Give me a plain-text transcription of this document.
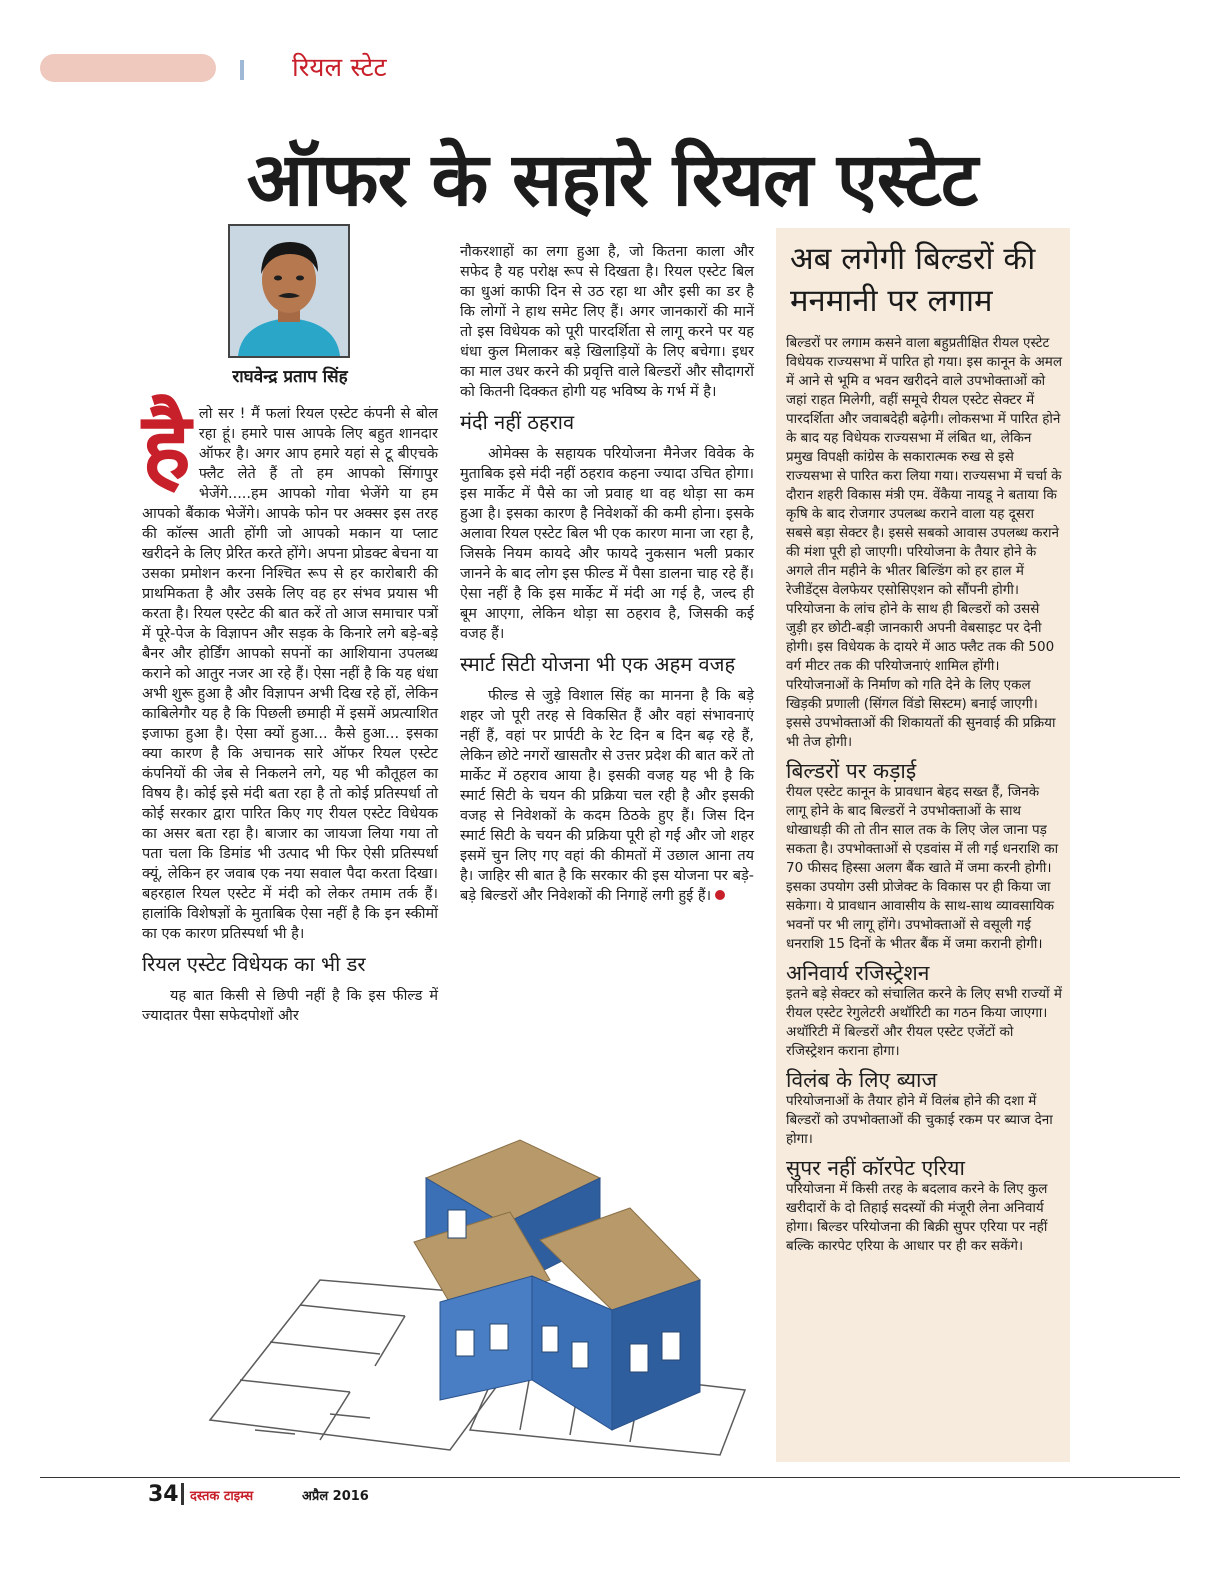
रियल स्टेट
ऑफर के सहारे रियल एस्टेट
राघवेन्द्र प्रताप सिंह
है लो सर ! मैं फलां रियल एस्टेट कंपनी से बोल रहा हूं। हमारे पास आपके लिए बहुत शानदार ऑफर है। अगर आप हमारे यहां से टू बीएचके फ्लैट लेते हैं तो हम आपको सिंगापुर भेजेंगे.....हम आपको गोवा भेजेंगे या हम आपको बैंकाक भेजेंगे। आपके फोन पर अक्सर इस तरह की कॉल्स आती होंगी जो आपको मकान या प्लाट खरीदने के लिए प्रेरित करते होंगे। अपना प्रोडक्ट बेचना या उसका प्रमोशन करना निश्चित रूप से हर कारोबारी की प्राथमिकता है और उसके लिए वह हर संभव प्रयास भी करता है। रियल एस्टेट की बात करें तो आज समाचार पत्रों में पूरे-पेज के विज्ञापन और सड़क के किनारे लगे बड़े-बड़े बैनर और होर्डिंग आपको सपनों का आशियाना उपलब्ध कराने को आतुर नजर आ रहे हैं। ऐसा नहीं है कि यह धंधा अभी शुरू हुआ है और विज्ञापन अभी दिख रहे हों, लेकिन काबिलेगौर यह है कि पिछली छमाही में इसमें अप्रत्याशित इजाफा हुआ है। ऐसा क्यों हुआ... कैसे हुआ... इसका क्या कारण है कि अचानक सारे ऑफर रियल एस्टेट कंपनियों की जेब से निकलने लगे, यह भी कौतूहल का विषय है। कोई इसे मंदी बता रहा है तो कोई प्रतिस्पर्धा तो कोई सरकार द्वारा पारित किए गए रीयल एस्टेट विधेयक का असर बता रहा है। बाजार का जायजा लिया गया तो पता चला कि डिमांड भी उत्पाद भी फिर ऐसी प्रतिस्पर्धा क्यूं, लेकिन हर जवाब एक नया सवाल पैदा करता दिखा। बहरहाल रियल एस्टेट में मंदी को लेकर तमाम तर्क हैं। हालांकि विशेषज्ञों के मुताबिक ऐसा नहीं है कि इन स्कीमों का एक कारण प्रतिस्पर्धा भी है।

रियल एस्टेट विधेयक का भी डर

यह बात किसी से छिपी नहीं है कि इस फील्ड में ज्यादातर पैसा सफेदपोशों और

नौकरशाहों का लगा हुआ है, जो कितना काला और सफेद है यह परोक्ष रूप से दिखता है। रियल एस्टेट बिल का धुआं काफी दिन से उठ रहा था और इसी का डर है कि लोगों ने हाथ समेट लिए हैं। अगर जानकारों की मानें तो इस विधेयक को पूरी पारदर्शिता से लागू करने पर यह धंधा कुल मिलाकर बड़े खिलाड़ियों के लिए बचेगा। इधर का माल उधर करने की प्रवृत्ति वाले बिल्डरों और सौदागरों को कितनी दिक्कत होगी यह भविष्य के गर्भ में है।

मंदी नहीं ठहराव

ओमेक्स के सहायक परियोजना मैनेजर विवेक के मुताबिक इसे मंदी नहीं ठहराव कहना ज्यादा उचित होगा। इस मार्केट में पैसे का जो प्रवाह था वह थोड़ा सा कम हुआ है। इसका कारण है निवेशकों की कमी होना। इसके अलावा रियल एस्टेट बिल भी एक कारण माना जा रहा है, जिसके नियम कायदे और फायदे नुकसान भली प्रकार जानने के बाद लोग इस फील्ड में पैसा डालना चाह रहे हैं। ऐसा नहीं है कि इस मार्केट में मंदी आ गई है, जल्द ही बूम आएगा, लेकिन थोड़ा सा ठहराव है, जिसकी कई वजह हैं।

स्मार्ट सिटी योजना भी एक अहम वजह

फील्ड से जुड़े विशाल सिंह का मानना है कि बड़े शहर जो पूरी तरह से विकसित हैं और वहां संभावनाएं नहीं हैं, वहां पर प्रार्पटी के रेट दिन ब दिन बढ़ रहे हैं, लेकिन छोटे नगरों खासतौर से उत्तर प्रदेश की बात करें तो मार्केट में ठहराव आया है। इसकी वजह यह भी है कि स्मार्ट सिटी के चयन की प्रक्रिया चल रही है और इसकी वजह से निवेशकों के कदम ठिठके हुए हैं। जिस दिन स्मार्ट सिटी के चयन की प्रक्रिया पूरी हो गई और जो शहर इसमें चुन लिए गए वहां की कीमतों में उछाल आना तय है। जाहिर सी बात है कि सरकार की इस योजना पर बड़े-बड़े बिल्डरों और निवेशकों की निगाहें लगी हुई हैं।

अब लगेगी बिल्डरों की मनमानी पर लगाम

बिल्डरों पर लगाम कसने वाला बहुप्रतीक्षित रीयल एस्टेट विधेयक राज्यसभा में पारित हो गया। इस कानून के अमल में आने से भूमि व भवन खरीदने वाले उपभोक्ताओं को जहां राहत मिलेगी, वहीं समूचे रीयल एस्टेट सेक्टर में पारदर्शिता और जवाबदेही बढ़ेगी। लोकसभा में पारित होने के बाद यह विधेयक राज्यसभा में लंबित था, लेकिन प्रमुख विपक्षी कांग्रेस के सकारात्मक रुख से इसे राज्यसभा से पारित करा लिया गया। राज्यसभा में चर्चा के दौरान शहरी विकास मंत्री एम. वेंकैया नायडू ने बताया कि कृषि के बाद रोजगार उपलब्ध कराने वाला यह दूसरा सबसे बड़ा सेक्टर है। इससे सबको आवास उपलब्ध कराने की मंशा पूरी हो जाएगी। परियोजना के तैयार होने के अगले तीन महीने के भीतर बिल्डिंग को हर हाल में रेजीडेंट्स वेलफेयर एसोसिएशन को सौंपनी होगी। परियोजना के लांच होने के साथ ही बिल्डरों को उससे जुड़ी हर छोटी-बड़ी जानकारी अपनी वेबसाइट पर देनी होगी। इस विधेयक के दायरे में आठ फ्लैट तक की 500 वर्ग मीटर तक की परियोजनाएं शामिल होंगी। परियोजनाओं के निर्माण को गति देने के लिए एकल खिड़की प्रणाली (सिंगल विंडो सिस्टम) बनाई जाएगी। इससे उपभोक्ताओं की शिकायतों की सुनवाई की प्रक्रिया भी तेज होगी।

बिल्डरों पर कड़ाई

रीयल एस्टेट कानून के प्रावधान बेहद सख्त हैं, जिनके लागू होने के बाद बिल्डरों ने उपभोक्ताओं के साथ धोखाधड़ी की तो तीन साल तक के लिए जेल जाना पड़ सकता है। उपभोक्ताओं से एडवांस में ली गई धनराशि का 70 फीसद हिस्सा अलग बैंक खाते में जमा करनी होगी। इसका उपयोग उसी प्रोजेक्ट के विकास पर ही किया जा सकेगा। ये प्रावधान आवासीय के साथ-साथ व्यावसायिक भवनों पर भी लागू होंगे। उपभोक्ताओं से वसूली गई धनराशि 15 दिनों के भीतर बैंक में जमा करानी होगी।

अनिवार्य रजिस्ट्रेशन

इतने बड़े सेक्टर को संचालित करने के लिए सभी राज्यों में रीयल एस्टेट रेगुलेटरी अथॉरिटी का गठन किया जाएगा। अथॉरिटी में बिल्डरों और रीयल एस्टेट एजेंटों को रजिस्ट्रेशन कराना होगा।

विलंब के लिए ब्याज

परियोजनाओं के तैयार होने में विलंब होने की दशा में बिल्डरों को उपभोक्ताओं की चुकाई रकम पर ब्याज देना होगा।

सुपर नहीं कॉरपेट एरिया

परियोजना में किसी तरह के बदलाव करने के लिए कुल खरीदारों के दो तिहाई सदस्यों की मंजूरी लेना अनिवार्य होगा। बिल्डर परियोजना की बिक्री सुपर एरिया पर नहीं बल्कि कारपेट एरिया के आधार पर ही कर सकेंगे।

34 दस्तक टाइम्स	अप्रैल 2016
